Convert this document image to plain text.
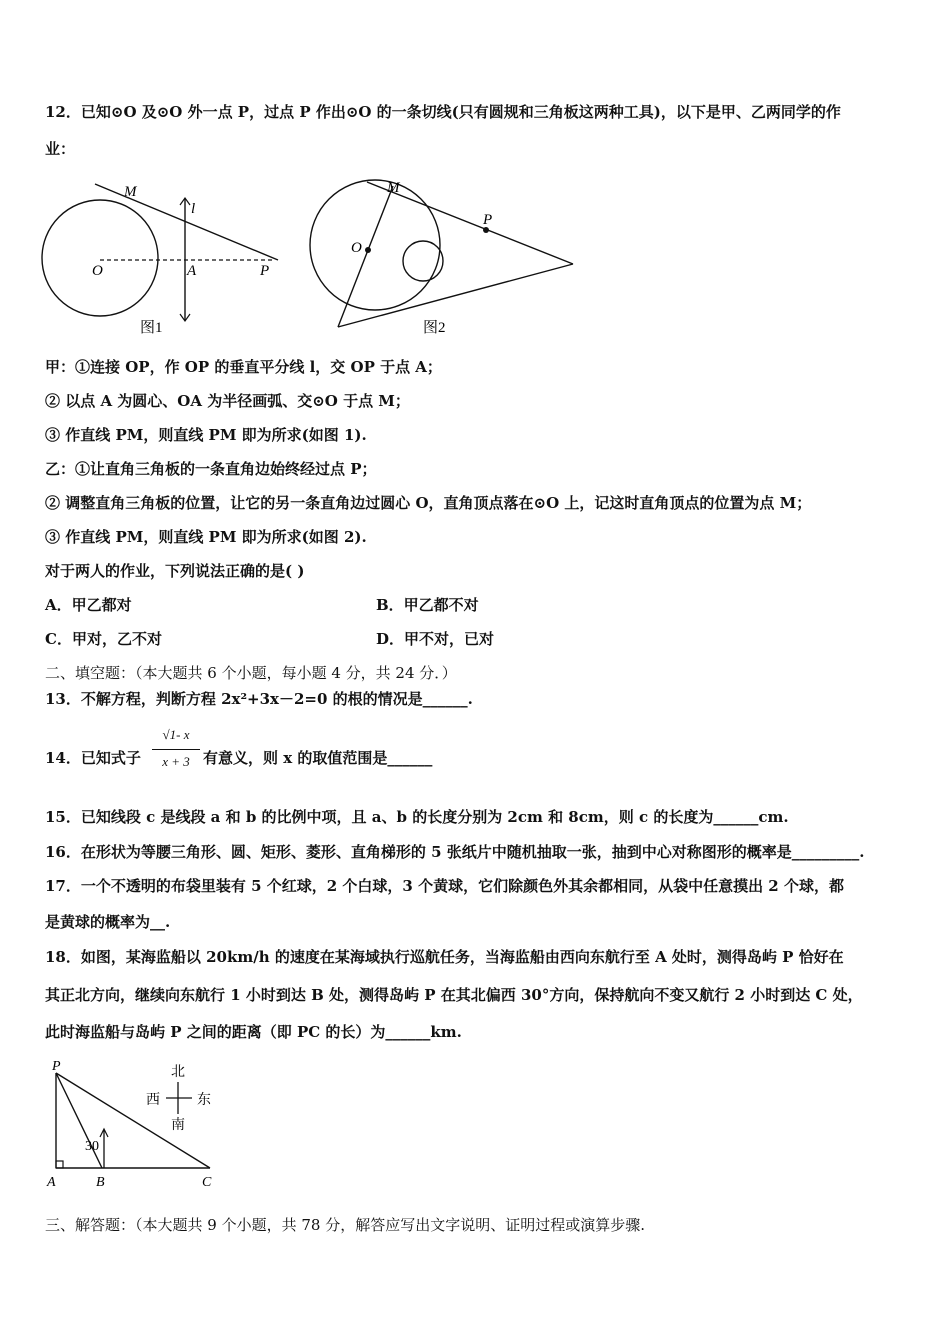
12．已知⊙O 及⊙O 外一点 P，过点 P 作出⊙O 的一条切线(只有圆规和三角板这两种工具)，以下是甲、乙两同学的作
业：
M
l
O	A	P
图1
M
P
O
图2
甲：①连接 OP，作 OP 的垂直平分线 l，交 OP 于点 A；
② 以点 A 为圆心、OA 为半径画弧、交⊙O 于点 M；
③ 作直线 PM，则直线 PM 即为所求(如图 1).
乙：①让直角三角板的一条直角边始终经过点 P；
② 调整直角三角板的位置，让它的另一条直角边过圆心 O，直角顶点落在⊙O 上，记这时直角顶点的位置为点 M；
③ 作直线 PM，则直线 PM 即为所求(如图 2).
对于两人的作业，下列说法正确的是( )
A．甲乙都对	B．甲乙都不对
C．甲对，乙不对	D．甲不对，已对
二、填空题：（本大题共 6 个小题，每小题 4 分，共 24 分．）
13．不解方程，判断方程 2x²+3x－2=0 的根的情况是______.
14．已知式子
√1- x
x + 3 有意义，则 x 的取值范围是______
15．已知线段 c 是线段 a 和 b 的比例中项，且 a、b 的长度分别为 2cm 和 8cm，则 c 的长度为______cm.
16．在形状为等腰三角形、圆、矩形、菱形、直角梯形的 5 张纸片中随机抽取一张，抽到中心对称图形的概率是_________.
17．一个不透明的布袋里装有 5 个红球，2 个白球，3 个黄球，它们除颜色外其余都相同，从袋中任意摸出 2 个球，都
是黄球的概率为__.
18．如图，某海监船以 20km/h 的速度在某海域执行巡航任务，当海监船由西向东航行至 A 处时，测得岛屿 P 恰好在
其正北方向，继续向东航行 1 小时到达 B 处，测得岛屿 P 在其北偏西 30°方向，保持航向不变又航行 2 小时到达 C 处，
此时海监船与岛屿 P 之间的距离（即 PC 的长）为______km.
30
P
A	B	C
北
南
西	东
三、解答题：（本大题共 9 个小题，共 78 分，解答应写出文字说明、证明过程或演算步骤.
